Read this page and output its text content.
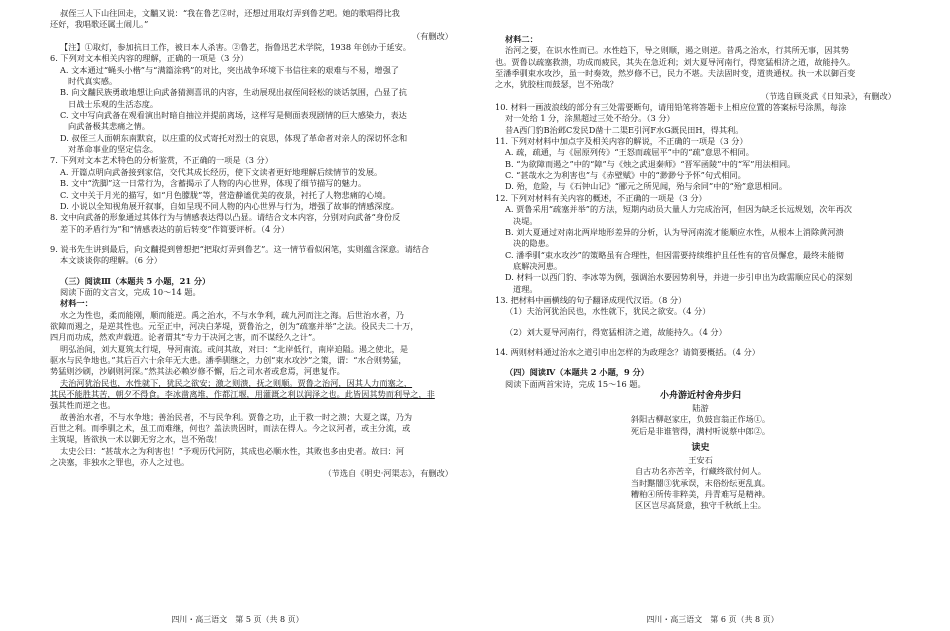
叔侄三人下山往回走，文黼又说：“我在鲁艺②时，还想过用取灯弄到鲁艺吧。她的歌唱得比我
还好，我唱歌还属土闹儿。”
（有删改）
【注】①取灯，参加抗日工作，被日本人杀害。②鲁艺，指鲁迅艺术学院，1938 年创办于延安。
6. 下列对文本相关内容的理解，正确的一项是（3 分）
A. 文本通过“蝇头小楷”与“满篇涂鸦”的对比，突出战争环境下书信往来的艰难与不易，增强了
时代真实感。
B. 向文黼民族勇敢地想让向武备猜测喜讯的内容，生动展现出叔侄间轻松的谈话氛围，凸显了抗
日战士乐观的生活态度。
C. 文中写向武备在观看演出时暗自抽泣并提前离场，这样写是侧面表现剧情的巨大感染力，表达
向武备极其悲痛之情。
D. 叔侄三人面朝东南默哀，以庄重的仪式寄托对烈士的哀思，体现了革命者对亲人的深切怀念和
对革命事业的坚定信念。
7. 下列对文本艺术特色的分析鉴赏，不正确的一项是（3 分）
A. 开篇点明向武备接到家信，交代其成长经历，使下文读者更好地理解后续情节的发展。
B. 文中“洗脚”这一日常行为，含蓄揭示了人物的内心世界，体现了细节描写的魅力。
C. 文中关于月光的描写，如“月色朦胧”等，营造静谧优美的夜景，衬托了人物悲痛的心境。
D. 小说以全知视角展开叙事，自如呈现不同人物的内心世界与行为，增强了故事的情感深度。
8. 文中向武备的形象通过其体行为与情感表达得以凸显。请结合文本内容，分别对向武备“身份反
差下的矛盾行为”和“情感表达的前后转变”作简要评析。（4 分）
9. 说书先生讲到最后，向文黼提到曾想把“把取灯弄到鲁艺”。这一情节看似闲笔，实则蕴含深意。请结合
本文谈谈你的理解。（6 分）
（三）阅读Ⅲ（本题共 5 小题，21 分）
阅读下面的文言文，完成 10～14 题。
材料一：
水之为性也，柔而能刚，顺而能逆。禹之治水，不与水争利，疏九河而注之海。后世治水者，乃
欲障而遏之，是逆其性也。元至正中，河决白茅堤，贾鲁治之，创为“疏塞并举”之法。役民夫二十万，
四月而功成，然欢声载道。论者谓其“专力于决河之害，而不谋经久之计”。
明弘治间，刘大夏筑太行堤，导河南流。或问其故，对曰：“北岸低行，南岸迫隘。遏之使北，是
驱水与民争地也。”其后百六十余年无大患。潘季驯继之，力创“束水攻沙”之策，谓：“水合则势猛，
势猛则沙刷，沙刷则河深。”然其法必赖岁修不懈，后之司水者或怠焉，河患复作。
夫治河犹治民也，水性就下，犹民之欲安；激之则溃，抚之则顺。贾鲁之治河，因其人力而塞之，
其民不能胜其苦，朝夕不得食。李冰凿离堆，作都江堰，用灌溉之利以润泽之也。此皆因其势而利导之，非
强其性而逆之也。
故善治水者，不与水争地；善治民者，不与民争利。贾鲁之功，止于救一时之溃；大夏之谋，乃为
百世之利。而季驯之术，虽工而难继，何也？盖法贵因时，而法在得人。今之议河者，或主分流，或
主筑堤，皆欲执一术以御无穷之水，岂不殆哉！
太史公曰：“甚哉水之为利害也！”予观历代河防，其成也必顺水性，其败也多由史者。故曰：河
之决塞，非独水之罪也，亦人之过也。
（节选自《明史·河渠志》，有删改）
四川・高三语文　第 5 页（共 8 页）
材料二：
治河之要，在识水性而已。水性趋下，导之则顺，遏之则逆。昔禹之治水，行其所无事，因其势
也。贾鲁以疏塞救溃，功成而疲民，其失在急近利；刘大夏导河南行，得宽猛相济之道，故能持久。
至潘季驯束水攻沙，虽一时奏效，然岁修不已，民力不堪。夫法固时变，道贵通权。执一术以御百变
之水，犹胶柱而鼓瑟，岂不殆哉？
（节选自顾炎武《日知录》，有删改）
10. 材料一画波浪线的部分有三处需要断句，请用铅笔将答题卡上相应位置的答案标号涂黑，每涂
对一处给 1 分，涂黑超过三处不给分。（3 分）
昔A西门豹B治邺C发民D凿十二渠E引河F水G溉民田H，得其利。
11. 下列对材料中加点字及相关内容的解说，不正确的一项是（3 分）
A. 疏，疏通，与《屈原列传》“王怒而疏屈平”中的“疏”意思不相同。
B. “为欲障而遏之”中的“障”与《烛之武退秦师》“晋军函陵”中的“军”用法相同。
C. “甚哉水之为利害也”与《赤壁赋》中的“渺渺兮予怀”句式相同。
D. 殆，危险，与《石钟山记》“郦元之所见闻，殆与余同”中的“殆”意思相同。
12. 下列对材料有关内容的概述，不正确的一项是（3 分）
A. 贾鲁采用“疏塞并举”的方法，短期内动员大量人力完成治河，但因为缺乏长远规划，次年再次
决堤。
B. 刘大夏通过对南北两岸地形差异的分析，认为导河南流才能顺应水性，从根本上消除黄河溃
决的隐患。
C. 潘季驯“束水攻沙”的策略虽有合理性，但因需要持续维护且任性有的官员懈怠，最终未能彻
底解决河患。
D. 材料一以西门豹、李冰等为例，强调治水要因势利导，并进一步引申出为政需顺应民心的深刻
道理。
13. 把材料中画横线的句子翻译成现代汉语。（8 分）
（1）夫治河犹治民也，水性就下，犹民之欲安。（4 分）
（2）刘大夏导河南行，得宽猛相济之道，故能持久。（4 分）
14. 两则材料通过治水之道引申出怎样的为政理念？请简要概括。（4 分）
（四）阅读Ⅳ（本题共 2 小题，9 分）
阅读下面两首宋诗，完成 15～16 题。
小舟游近村舍舟步归
陆游
斜阳古柳赵家庄，负鼓盲翁正作场①。
死后是非谁管得，满村听说蔡中郎②。
读史
王安石
自古功名亦苦辛，行藏终欲付何人。
当时黮闇③犹承误，末俗纷纭更乱真。
糟粕④所传非粹美，丹青难写是精神。
区区岂尽高贤意，独守千秋纸上尘。
四川・高三语文　第 6 页（共 8 页）
